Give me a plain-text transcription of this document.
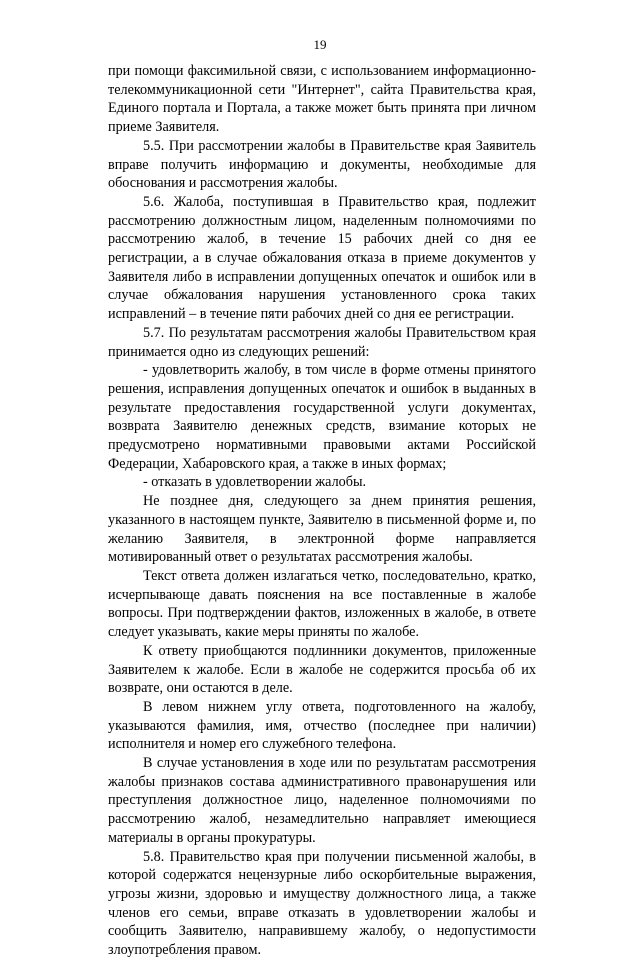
19

при помощи факсимильной связи, с использованием информационно-телекоммуникационной сети "Интернет", сайта Правительства края, Единого портала и Портала, а также может быть принята при личном приеме Заявителя.

5.5. При рассмотрении жалобы в Правительстве края Заявитель вправе получить информацию и документы, необходимые для обоснования и рассмотрения жалобы.

5.6. Жалоба, поступившая в Правительство края, подлежит рассмотрению должностным лицом, наделенным полномочиями по рассмотрению жалоб, в течение 15 рабочих дней со дня ее регистрации, а в случае обжалования отказа в приеме документов у Заявителя либо в исправлении допущенных опечаток и ошибок или в случае обжалования нарушения установленного срока таких исправлений – в течение пяти рабочих дней со дня ее регистрации.

5.7. По результатам рассмотрения жалобы Правительством края принимается одно из следующих решений:

- удовлетворить жалобу, в том числе в форме отмены принятого решения, исправления допущенных опечаток и ошибок в выданных в результате предоставления государственной услуги документах, возврата Заявителю денежных средств, взимание которых не предусмотрено нормативными правовыми актами Российской Федерации, Хабаровского края, а также в иных формах;

- отказать в удовлетворении жалобы.

Не позднее дня, следующего за днем принятия решения, указанного в настоящем пункте, Заявителю в письменной форме и, по желанию Заявителя, в электронной форме направляется мотивированный ответ о результатах рассмотрения жалобы.

Текст ответа должен излагаться четко, последовательно, кратко, исчерпывающе давать пояснения на все поставленные в жалобе вопросы. При подтверждении фактов, изложенных в жалобе, в ответе следует указывать, какие меры приняты по жалобе.

К ответу приобщаются подлинники документов, приложенные Заявителем к жалобе. Если в жалобе не содержится просьба об их возврате, они остаются в деле.

В левом нижнем углу ответа, подготовленного на жалобу, указываются фамилия, имя, отчество (последнее при наличии) исполнителя и номер его служебного телефона.

В случае установления в ходе или по результатам рассмотрения жалобы признаков состава административного правонарушения или преступления должностное лицо, наделенное полномочиями по рассмотрению жалоб, незамедлительно направляет имеющиеся материалы в органы прокуратуры.

5.8. Правительство края при получении письменной жалобы, в которой содержатся нецензурные либо оскорбительные выражения, угрозы жизни, здоровью и имуществу должностного лица, а также членов его семьи, вправе отказать в удовлетворении жалобы и сообщить Заявителю, направившему жалобу, о недопустимости злоупотребления правом.
